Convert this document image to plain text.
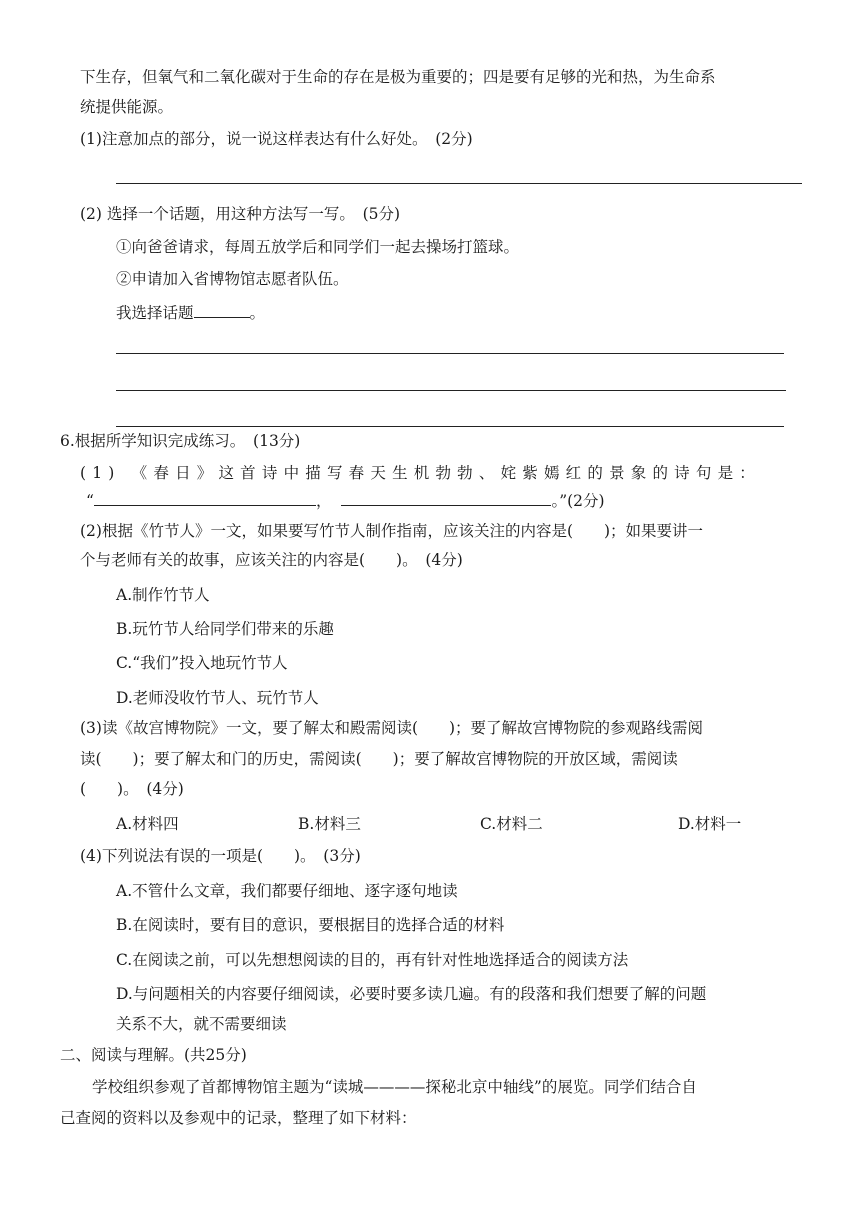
下生存，但氧气和二氧化碳对于生命的存在是极为重要的；四是要有足够的光和热，为生命系
统提供能源。
(1)注意加点的部分，说一说这样表达有什么好处。　(2分)
(2) 选择一个话题，用这种方法写一写。　(5分)
①向爸爸请求，每周五放学后和同学们一起去操场打篮球。
②申请加入省博物馆志愿者队伍。
我选择话题	。
6.根据所学知识完成练习。　(13分)
(1) 《春日》这首诗中描写春天生机勃勃、姹紫嫣红的景象的诗句是：
“	，	。”(2分)
(2)根据《竹节人》一文，如果要写竹节人制作指南，应该关注的内容是(　　)；如果要讲一
个与老师有关的故事，应该关注的内容是(　　)。　(4分)
A.制作竹节人
B.玩竹节人给同学们带来的乐趣
C.“我们”投入地玩竹节人
D.老师没收竹节人、玩竹节人
(3)读《故宫博物院》一文，要了解太和殿需阅读(　　)；要了解故宫博物院的参观路线需阅
读(　　)；要了解太和门的历史，需阅读(　　)；要了解故宫博物院的开放区域，需阅读
(　　)。　(4分)
A.材料四	B.材料三	C.材料二	D.材料一
(4)下列说法有误的一项是(　　)。　(3分)
A.不管什么文章，我们都要仔细地、逐字逐句地读
B.在阅读时，要有目的意识，要根据目的选择合适的材料
C.在阅读之前，可以先想想阅读的目的，再有针对性地选择适合的阅读方法
D.与问题相关的内容要仔细阅读，必要时要多读几遍。有的段落和我们想要了解的问题
关系不大，就不需要细读
二、阅读与理解。(共25分)
学校组织参观了首都博物馆主题为“读城————探秘北京中轴线”的展览。同学们结合自
己查阅的资料以及参观中的记录，整理了如下材料：
